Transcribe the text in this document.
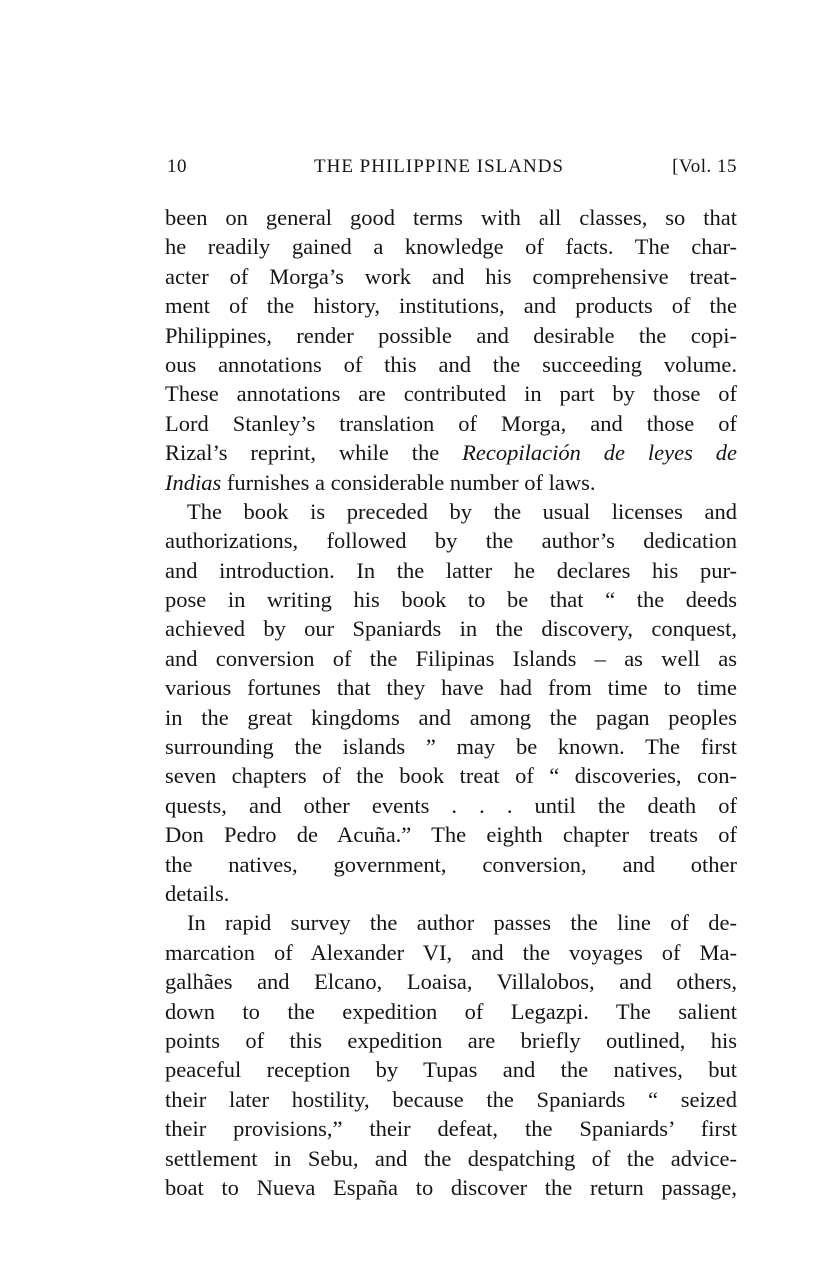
10	THE PHILIPPINE ISLANDS	[Vol. 15
been on general good terms with all classes, so that
he readily gained a knowledge of facts. The char-
acter of Morga’s work and his comprehensive treat-
ment of the history, institutions, and products of the
Philippines, render possible and desirable the copi-
ous annotations of this and the succeeding volume.
These annotations are contributed in part by those of
Lord Stanley’s translation of Morga, and those of
Rizal’s reprint, while the Recopilación de leyes de
Indias furnishes a considerable number of laws.
The book is preceded by the usual licenses and
authorizations, followed by the author’s dedication
and introduction. In the latter he declares his pur-
pose in writing his book to be that “ the deeds
achieved by our Spaniards in the discovery, conquest,
and conversion of the Filipinas Islands – as well as
various fortunes that they have had from time to time
in the great kingdoms and among the pagan peoples
surrounding the islands ” may be known. The first
seven chapters of the book treat of “ discoveries, con-
quests, and other events . . . until the death of
Don Pedro de Acuña.” The eighth chapter treats of
the natives, government, conversion, and other
details.
In rapid survey the author passes the line of de-
marcation of Alexander VI, and the voyages of Ma-
galhães and Elcano, Loaisa, Villalobos, and others,
down to the expedition of Legazpi. The salient
points of this expedition are briefly outlined, his
peaceful reception by Tupas and the natives, but
their later hostility, because the Spaniards “ seized
their provisions,” their defeat, the Spaniards’ first
settlement in Sebu, and the despatching of the advice-
boat to Nueva España to discover the return passage,
